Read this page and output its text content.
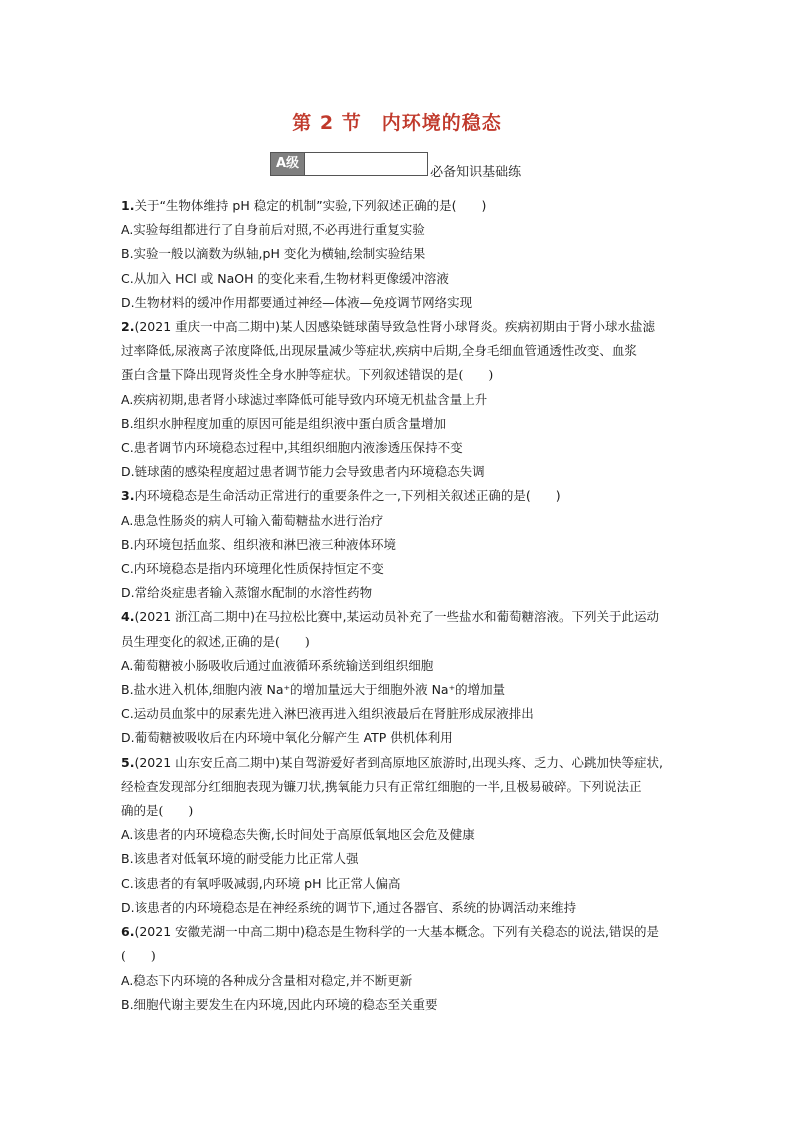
第 2 节　内环境的稳态
A级
必备知识基础练
1.关于“生物体维持 pH 稳定的机制”实验,下列叙述正确的是(　　)
A.实验每组都进行了自身前后对照,不必再进行重复实验
B.实验一般以滴数为纵轴,pH 变化为横轴,绘制实验结果
C.从加入 HCl 或 NaOH 的变化来看,生物材料更像缓冲溶液
D.生物材料的缓冲作用都要通过神经—体液—免疫调节网络实现
2.(2021 重庆一中高二期中)某人因感染链球菌导致急性肾小球肾炎。疾病初期由于肾小球水盐滤
过率降低,尿液离子浓度降低,出现尿量减少等症状,疾病中后期,全身毛细血管通透性改变、血浆
蛋白含量下降出现肾炎性全身水肿等症状。下列叙述错误的是(　　)
A.疾病初期,患者肾小球滤过率降低可能导致内环境无机盐含量上升
B.组织水肿程度加重的原因可能是组织液中蛋白质含量增加
C.患者调节内环境稳态过程中,其组织细胞内液渗透压保持不变
D.链球菌的感染程度超过患者调节能力会导致患者内环境稳态失调
3.内环境稳态是生命活动正常进行的重要条件之一,下列相关叙述正确的是(　　)
A.患急性肠炎的病人可输入葡萄糖盐水进行治疗
B.内环境包括血浆、组织液和淋巴液三种液体环境
C.内环境稳态是指内环境理化性质保持恒定不变
D.常给炎症患者输入蒸馏水配制的水溶性药物
4.(2021 浙江高二期中)在马拉松比赛中,某运动员补充了一些盐水和葡萄糖溶液。下列关于此运动
员生理变化的叙述,正确的是(　　)
A.葡萄糖被小肠吸收后通过血液循环系统输送到组织细胞
B.盐水进入机体,细胞内液 Na⁺的增加量远大于细胞外液 Na⁺的增加量
C.运动员血浆中的尿素先进入淋巴液再进入组织液最后在肾脏形成尿液排出
D.葡萄糖被吸收后在内环境中氧化分解产生 ATP 供机体利用
5.(2021 山东安丘高二期中)某自驾游爱好者到高原地区旅游时,出现头疼、乏力、心跳加快等症状,
经检查发现部分红细胞表现为镰刀状,携氧能力只有正常红细胞的一半,且极易破碎。下列说法正
确的是(　　)
A.该患者的内环境稳态失衡,长时间处于高原低氧地区会危及健康
B.该患者对低氧环境的耐受能力比正常人强
C.该患者的有氧呼吸减弱,内环境 pH 比正常人偏高
D.该患者的内环境稳态是在神经系统的调节下,通过各器官、系统的协调活动来维持
6.(2021 安徽芜湖一中高二期中)稳态是生物科学的一大基本概念。下列有关稳态的说法,错误的是
(　　)
A.稳态下内环境的各种成分含量相对稳定,并不断更新
B.细胞代谢主要发生在内环境,因此内环境的稳态至关重要
